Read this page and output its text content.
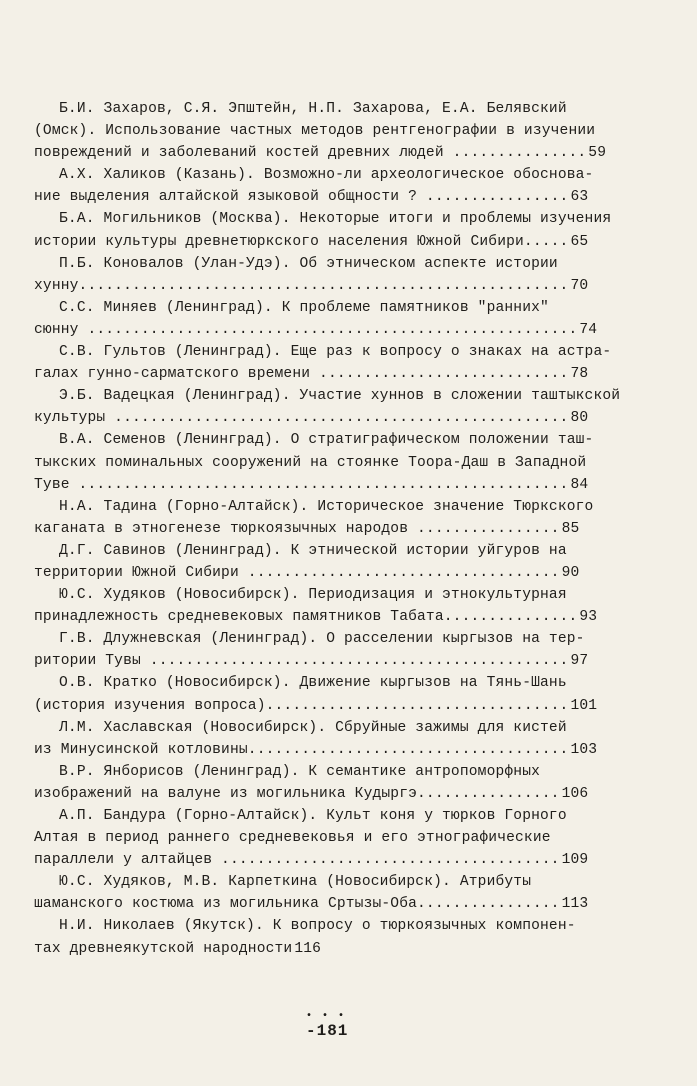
Б.И. Захаров, С.Я. Эпштейн, Н.П. Захарова, Е.А. Белявский
(Омск). Использование частных методов рентгенографии в изучении
повреждений и заболеваний костей древних людей ............... 59
А.Х. Халиков (Казань). Возможно-ли археологическое обоснова-
ние выделения алтайской языковой общности ? ................ 63
Б.А. Могильников (Москва). Некоторые итоги и проблемы изучения
истории культуры древнетюркского населения Южной Сибири..... 65
П.Б. Коновалов (Улан-Удэ). Об этническом аспекте истории
хунну....................................................... 70
С.С. Миняев (Ленинград). К проблеме памятников "ранних"
сюнну ....................................................... 74
С.В. Гультов (Ленинград). Еще раз к вопросу о знаках на астра-
галах гунно-сарматского времени ............................ 78
Э.Б. Вадецкая (Ленинград). Участие хуннов в сложении таштыкской
культуры ................................................... 80
В.А. Семенов (Ленинград). О стратиграфическом положении таш-
тыкских поминальных сооружений на стоянке Тоора-Даш в Западной
Туве ....................................................... 84
Н.А. Тадина (Горно-Алтайск). Историческое значение Тюркского
каганата в этногенезе тюркоязычных народов ................ 85
Д.Г. Савинов (Ленинград). К этнической истории уйгуров на
территории Южной Сибири ................................... 90
Ю.С. Худяков (Новосибирск). Периодизация и этнокультурная
принадлежность средневековых памятников Табата............... 93
Г.В. Длужневская (Ленинград). О расселении кыргызов на тер-
ритории Тувы ............................................... 97
О.В. Кратко (Новосибирск). Движение кыргызов на Тянь-Шань
(история изучения вопроса).................................. 101
Л.М. Хаславская (Новосибирск). Сбруйные зажимы для кистей
из Минусинской котловины.................................... 103
В.Р. Янборисов (Ленинград). К семантике антропоморфных
изображений на валуне из могильника Кудыргэ................ 106
А.П. Бандура (Горно-Алтайск). Культ коня у тюрков Горного
Алтая в период раннего средневековья и его этнографические
параллели у алтайцев ...................................... 109
Ю.С. Худяков, М.В. Карпеткина (Новосибирск). Атрибуты
шаманского костюма из могильника Сртызы-Оба................ 113
Н.И. Николаев (Якутск). К вопросу о тюркоязычных компонен-
тах древнеякутской народности 116
• • •
-181
